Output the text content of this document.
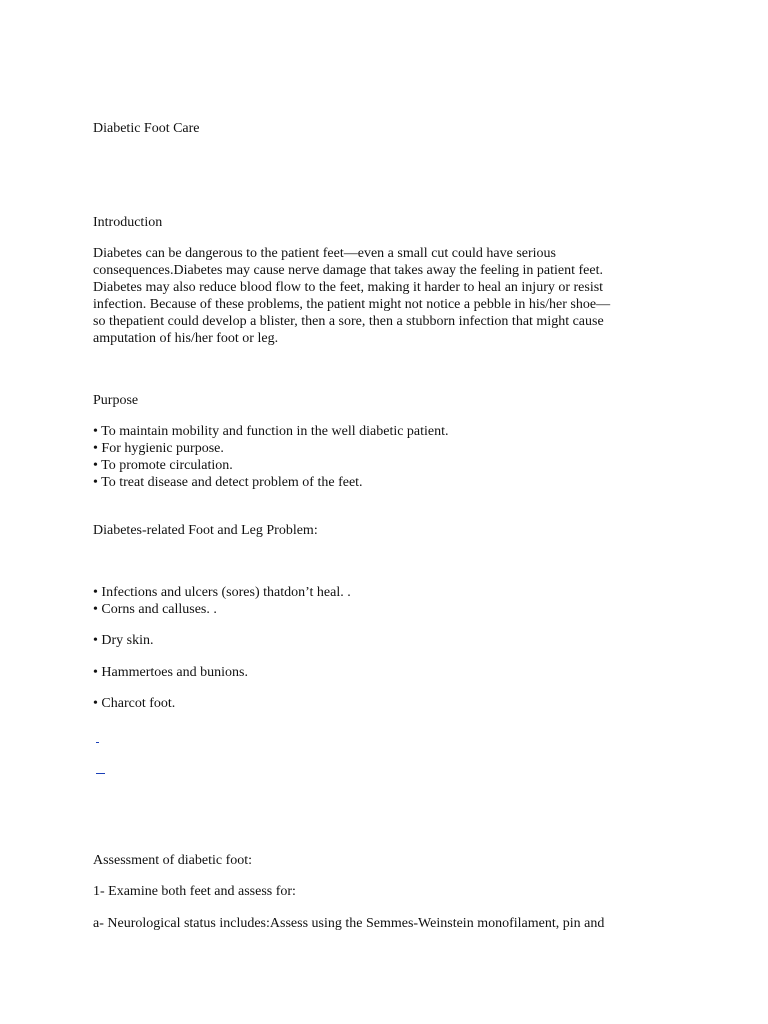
Diabetic Foot Care
Introduction
Diabetes can be dangerous to the patient feet—even a small cut could have serious
consequences.Diabetes may cause nerve damage that takes away the feeling in patient feet.
Diabetes may also reduce blood flow to the feet, making it harder to heal an injury or resist
infection. Because of these problems, the patient might not notice a pebble in his/her shoe—
so thepatient could develop a blister, then a sore, then a stubborn infection that might cause
amputation of his/her foot or leg.
Purpose
• To maintain mobility and function in the well diabetic patient.
• For hygienic purpose.
• To promote circulation.
• To treat disease and detect problem of the feet.
Diabetes-related Foot and Leg Problem:
• Infections and ulcers (sores) thatdon’t heal. .
• Corns and calluses. .
• Dry skin.
• Hammertoes and bunions.
• Charcot foot.

Assessment of diabetic foot:
1- Examine both feet and assess for:
a- Neurological status includes:Assess using the Semmes-Weinstein monofilament, pin and
